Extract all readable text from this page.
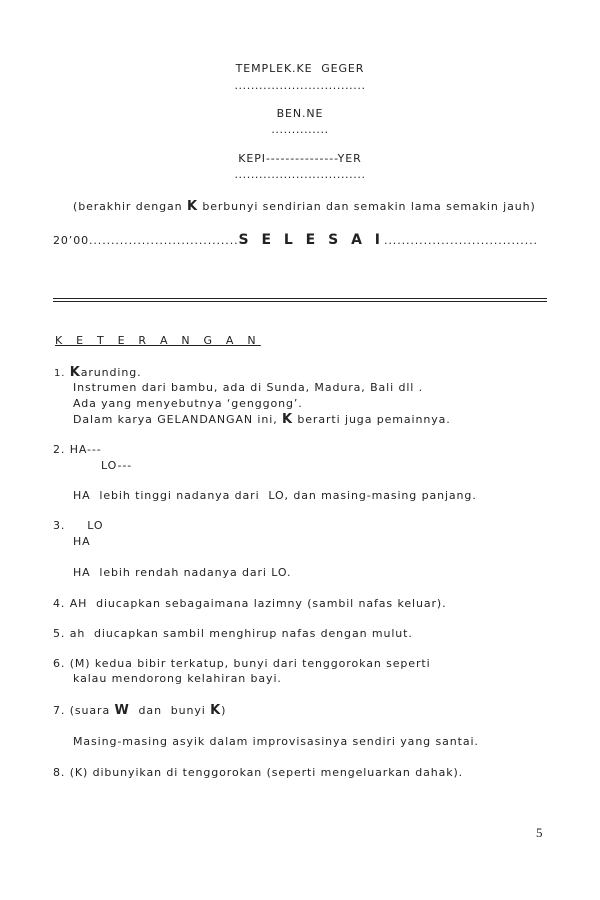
TEMPLEK.KE  GEGER
................................
BEN.NE
..............
KEPI---------------YER
................................
(berakhir dengan K berbunyi sendirian dan semakin lama semakin jauh)
20’00..................................S E L E S A I...................................
K E T E R A N G A N
1. Karunding.
Instrumen dari bambu, ada di Sunda, Madura, Bali dll .
Ada yang menyebutnya ‘genggong’.
Dalam karya GELANDANGAN ini, K berarti juga pemainnya.
2. HA---
LO---
HA  lebih tinggi nadanya dari  LO, dan masing-masing panjang.
3.     LO
HA
HA  lebih rendah nadanya dari LO.
4. AH  diucapkan sebagaimana lazimny (sambil nafas keluar).
5. ah  diucapkan sambil menghirup nafas dengan mulut.
6. (M) kedua bibir terkatup, bunyi dari tenggorokan seperti
kalau mendorong kelahiran bayi.
7. (suara W  dan  bunyi K)
Masing-masing asyik dalam improvisasinya sendiri yang santai.
8. (K) dibunyikan di tenggorokan (seperti mengeluarkan dahak).
5
